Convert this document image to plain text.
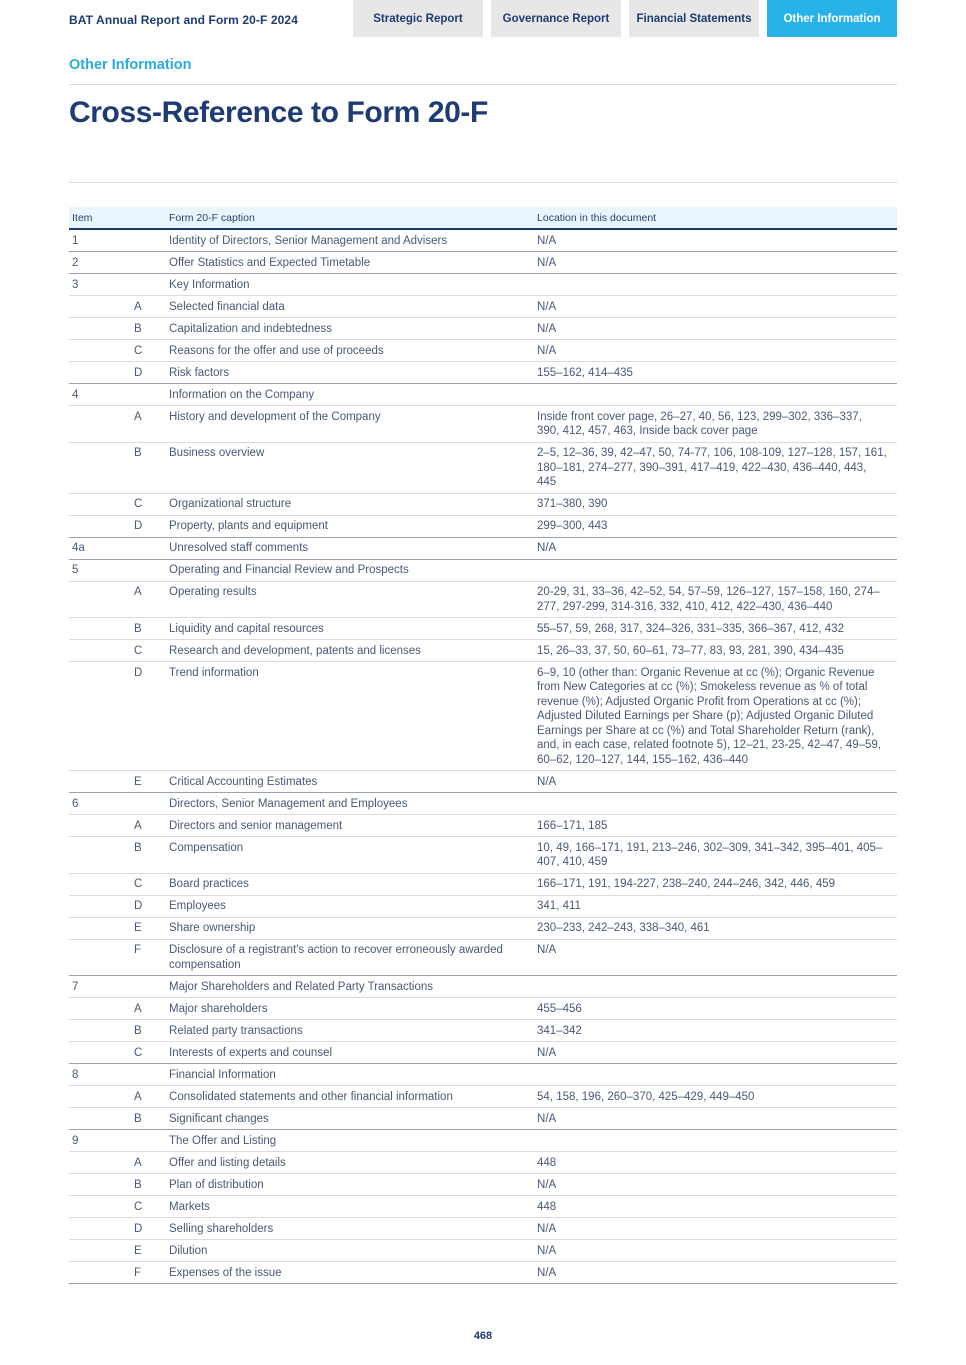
BAT Annual Report and Form 20-F 2024	Strategic Report	Governance Report	Financial Statements	Other Information
Other Information
Cross-Reference to Form 20-F
Item		Form 20-F caption	Location in this document
1		Identity of Directors, Senior Management and Advisers	N/A
2		Offer Statistics and Expected Timetable	N/A
3		Key Information	
	A	Selected financial data	N/A
	B	Capitalization and indebtedness	N/A
	C	Reasons for the offer and use of proceeds	N/A
	D	Risk factors	155–162, 414–435
4		Information on the Company	
	A	History and development of the Company	Inside front cover page, 26–27, 40, 56, 123, 299–302, 336–337, 390, 412, 457, 463, Inside back cover page
	B	Business overview	2–5, 12–36, 39, 42–47, 50, 74-77, 106, 108-109, 127–128, 157, 161, 180–181, 274–277, 390–391, 417–419, 422–430, 436–440, 443, 445
	C	Organizational structure	371–380, 390
	D	Property, plants and equipment	299–300, 443
4a		Unresolved staff comments	N/A
5		Operating and Financial Review and Prospects	
	A	Operating results	20-29, 31, 33–36, 42–52, 54, 57–59, 126–127, 157–158, 160, 274–277, 297-299, 314-316, 332, 410, 412, 422–430, 436–440
	B	Liquidity and capital resources	55–57, 59, 268, 317, 324–326, 331–335, 366–367, 412, 432
	C	Research and development, patents and licenses	15, 26–33, 37, 50, 60–61, 73–77, 83, 93, 281, 390, 434–435
	D	Trend information	6–9, 10 (other than: Organic Revenue at cc (%); Organic Revenue from New Categories at cc (%); Smokeless revenue as % of total revenue (%); Adjusted Organic Profit from Operations at cc (%); Adjusted Diluted Earnings per Share (p); Adjusted Organic Diluted Earnings per Share at cc (%) and Total Shareholder Return (rank), and, in each case, related footnote 5), 12–21, 23-25, 42–47, 49–59, 60–62, 120–127, 144, 155–162, 436–440
	E	Critical Accounting Estimates	N/A
6		Directors, Senior Management and Employees	
	A	Directors and senior management	166–171, 185
	B	Compensation	10, 49, 166–171, 191, 213–246, 302–309, 341–342, 395–401, 405–407, 410, 459
	C	Board practices	166–171, 191, 194-227, 238–240, 244–246, 342, 446, 459
	D	Employees	341, 411
	E	Share ownership	230–233, 242–243, 338–340, 461
	F	Disclosure of a registrant's action to recover erroneously awarded compensation	N/A
7		Major Shareholders and Related Party Transactions	
	A	Major shareholders	455–456
	B	Related party transactions	341–342
	C	Interests of experts and counsel	N/A
8		Financial Information	
	A	Consolidated statements and other financial information	54, 158, 196, 260–370, 425–429, 449–450
	B	Significant changes	N/A
9		The Offer and Listing	
	A	Offer and listing details	448
	B	Plan of distribution	N/A
	C	Markets	448
	D	Selling shareholders	N/A
	E	Dilution	N/A
	F	Expenses of the issue	N/A
468
